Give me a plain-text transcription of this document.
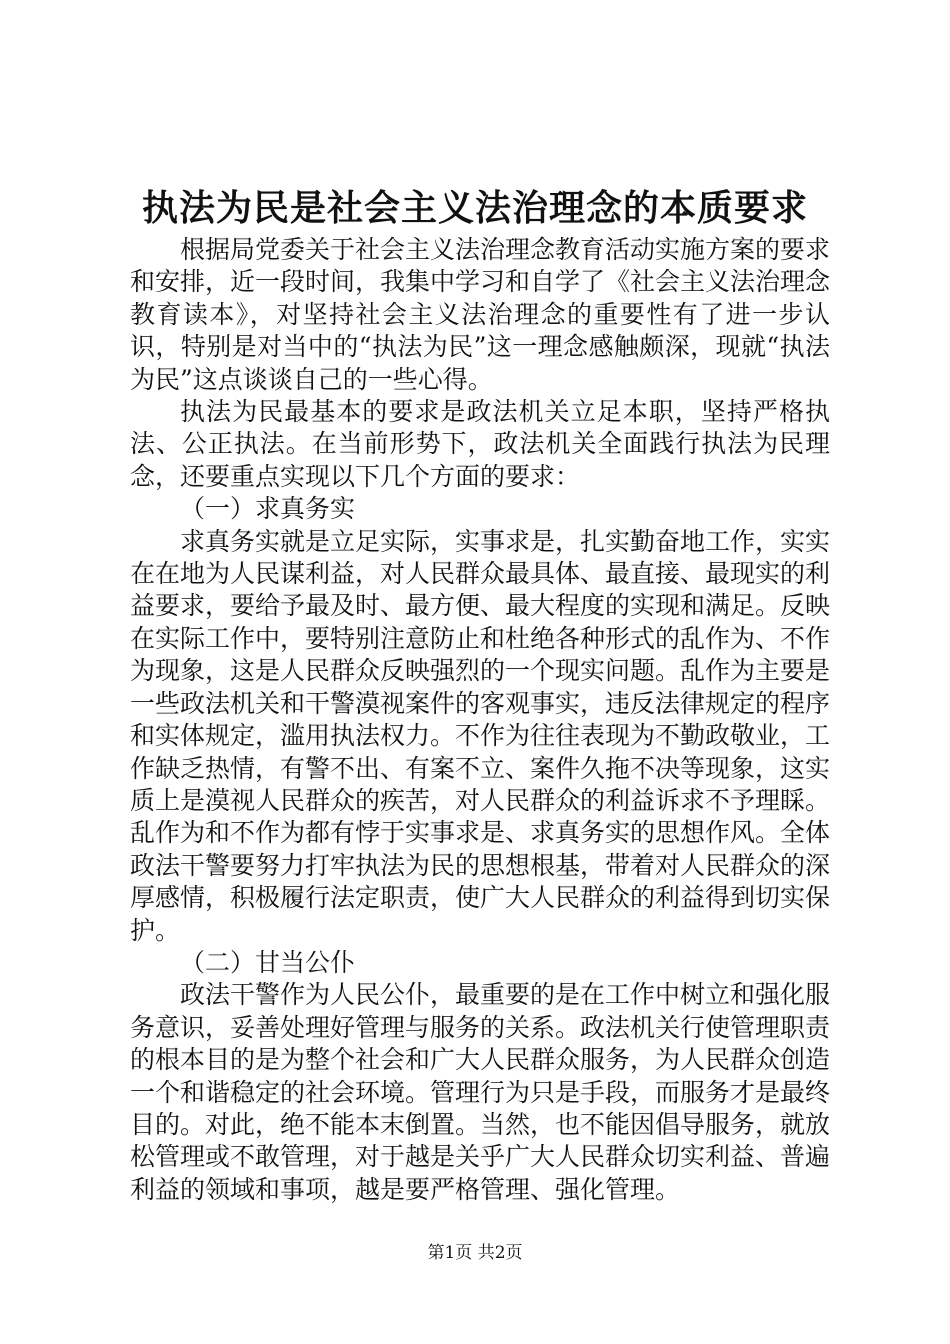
执法为民是社会主义法治理念的本质要求

根据局党委关于社会主义法治理念教育活动实施方案的要求和安排，近一段时间，我集中学习和自学了《社会主义法治理念教育读本》，对坚持社会主义法治理念的重要性有了进一步认识，特别是对当中的“执法为民”这一理念感触颇深，现就“执法为民”这点谈谈自己的一些心得。

执法为民最基本的要求是政法机关立足本职，坚持严格执法、公正执法。在当前形势下，政法机关全面践行执法为民理念，还要重点实现以下几个方面的要求：

（一）求真务实

求真务实就是立足实际，实事求是，扎实勤奋地工作，实实在在地为人民谋利益，对人民群众最具体、最直接、最现实的利益要求，要给予最及时、最方便、最大程度的实现和满足。反映在实际工作中，要特别注意防止和杜绝各种形式的乱作为、不作为现象，这是人民群众反映强烈的一个现实问题。乱作为主要是一些政法机关和干警漠视案件的客观事实，违反法律规定的程序和实体规定，滥用执法权力。不作为往往表现为不勤政敬业，工作缺乏热情，有警不出、有案不立、案件久拖不决等现象，这实质上是漠视人民群众的疾苦，对人民群众的利益诉求不予理睬。乱作为和不作为都有悖于实事求是、求真务实的思想作风。全体政法干警要努力打牢执法为民的思想根基，带着对人民群众的深厚感情，积极履行法定职责，使广大人民群众的利益得到切实保护。

（二）甘当公仆

政法干警作为人民公仆，最重要的是在工作中树立和强化服务意识，妥善处理好管理与服务的关系。政法机关行使管理职责的根本目的是为整个社会和广大人民群众服务，为人民群众创造一个和谐稳定的社会环境。管理行为只是手段，而服务才是最终目的。对此，绝不能本末倒置。当然，也不能因倡导服务，就放松管理或不敢管理，对于越是关乎广大人民群众切实利益、普遍利益的领域和事项，越是要严格管理、强化管理。

第1页 共2页
